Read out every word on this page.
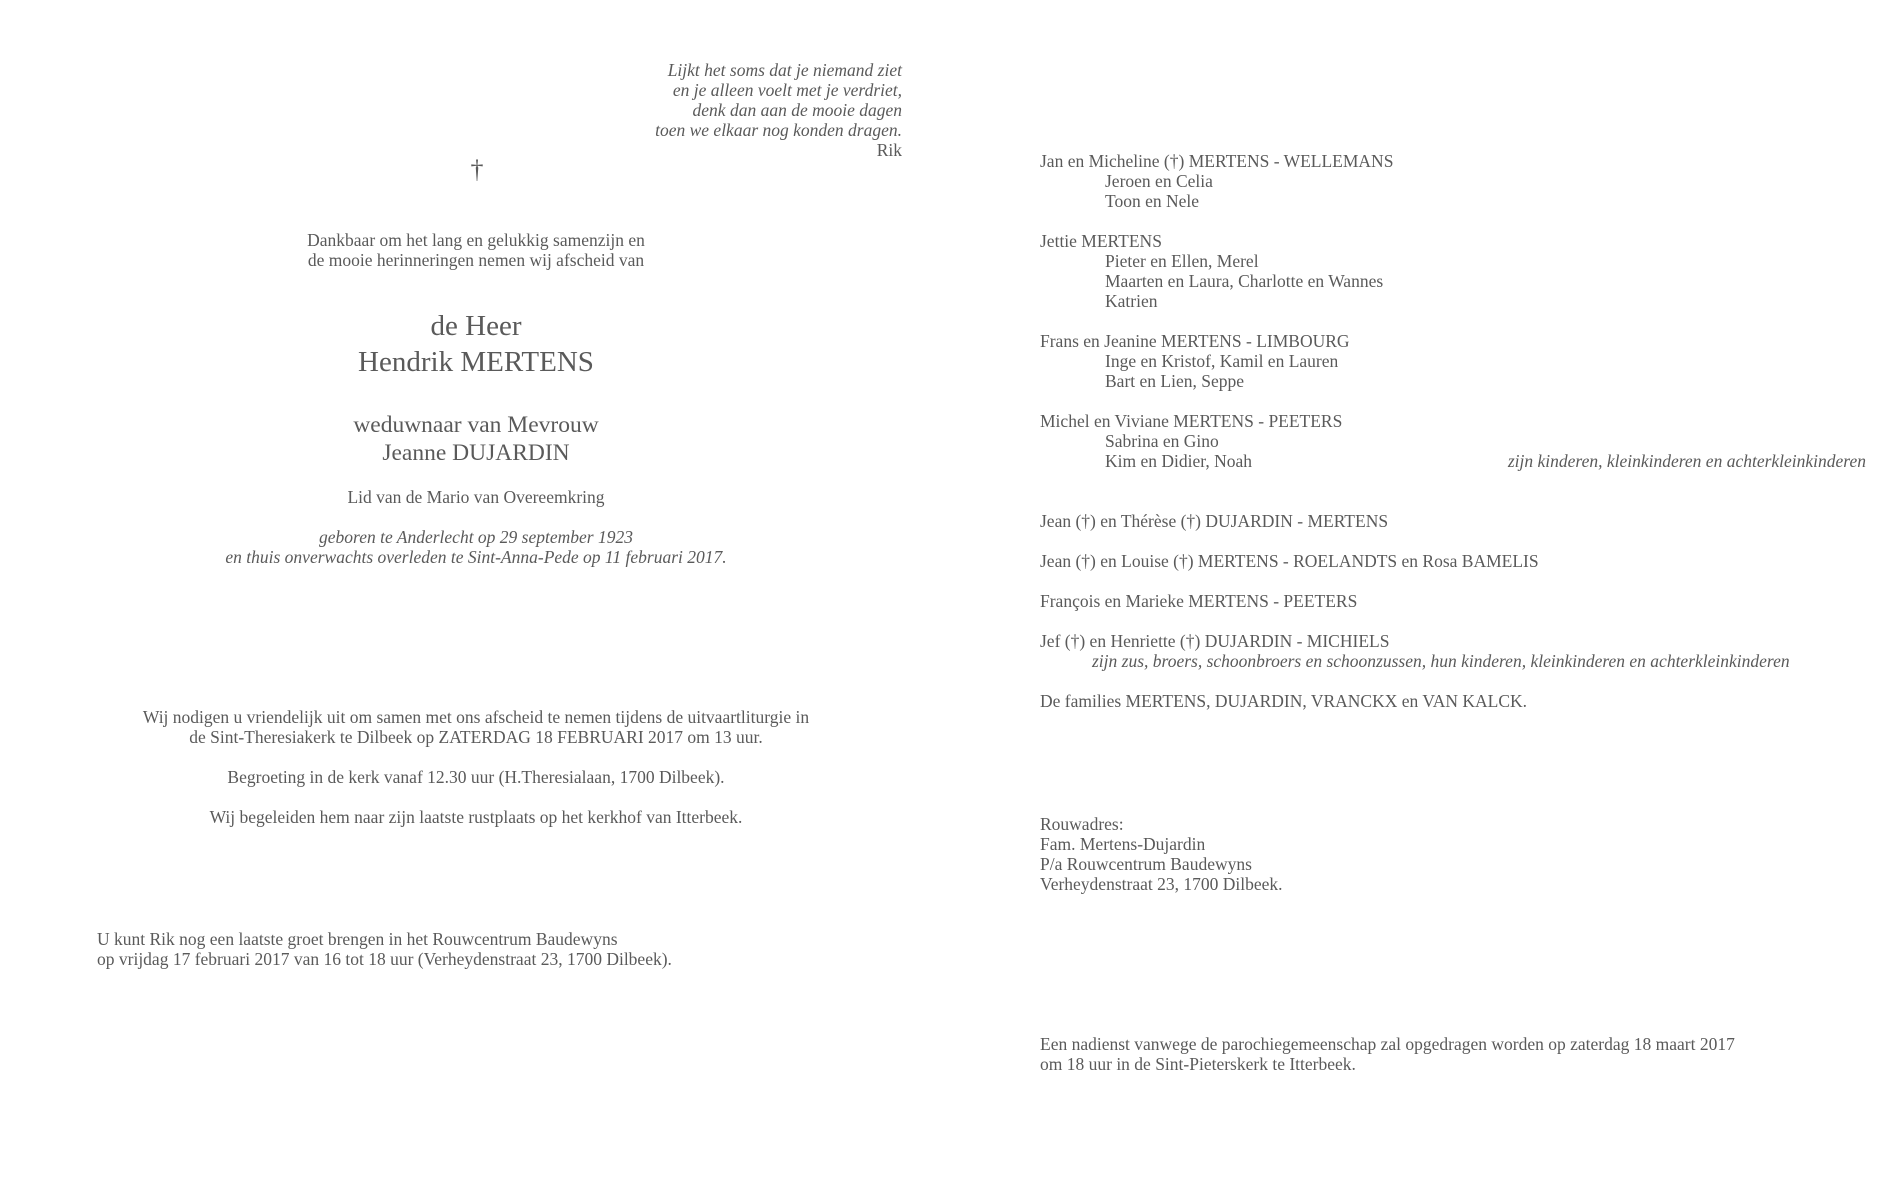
Lijkt het soms dat je niemand ziet
en je alleen voelt met je verdriet,
denk dan aan de mooie dagen
toen we elkaar nog konden dragen.
Rik
†
Dankbaar om het lang en gelukkig samenzijn en
de mooie herinneringen nemen wij afscheid van
de Heer
Hendrik MERTENS
weduwnaar van Mevrouw
Jeanne DUJARDIN
Lid van de Mario van Overeemkring
geboren te Anderlecht op 29 september 1923
en thuis onverwachts overleden te Sint-Anna-Pede op 11 februari 2017.
Wij nodigen u vriendelijk uit om samen met ons afscheid te nemen tijdens de uitvaartliturgie in
de Sint-Theresiakerk te Dilbeek op ZATERDAG 18 FEBRUARI 2017 om 13 uur.
Begroeting in de kerk vanaf 12.30 uur (H.Theresialaan, 1700 Dilbeek).
Wij begeleiden hem naar zijn laatste rustplaats op het kerkhof van Itterbeek.
U kunt Rik nog een laatste groet brengen in het Rouwcentrum Baudewyns
op vrijdag 17 februari 2017 van 16 tot 18 uur (Verheydenstraat 23, 1700 Dilbeek).
Jan en Micheline (†) MERTENS - WELLEMANS
Jeroen en Celia
Toon en Nele
Jettie MERTENS
Pieter en Ellen, Merel
Maarten en Laura, Charlotte en Wannes
Katrien
Frans en Jeanine MERTENS - LIMBOURG
Inge en Kristof, Kamil en Lauren
Bart en Lien, Seppe
Michel en Viviane MERTENS - PEETERS
Sabrina en Gino
Kim en Didier, Noah	zijn kinderen, kleinkinderen en achterkleinkinderen
Jean (†) en Thérèse (†) DUJARDIN - MERTENS
Jean (†) en Louise (†) MERTENS - ROELANDTS en Rosa BAMELIS
François en Marieke MERTENS - PEETERS
Jef (†) en Henriette (†) DUJARDIN - MICHIELS
zijn zus, broers, schoonbroers en schoonzussen, hun kinderen, kleinkinderen en achterkleinkinderen
De families MERTENS, DUJARDIN, VRANCKX en VAN KALCK.
Rouwadres:
Fam. Mertens-Dujardin
P/a Rouwcentrum Baudewyns
Verheydenstraat 23, 1700 Dilbeek.
Een nadienst vanwege de parochiegemeenschap zal opgedragen worden op zaterdag 18 maart 2017
om 18 uur in de Sint-Pieterskerk te Itterbeek.
